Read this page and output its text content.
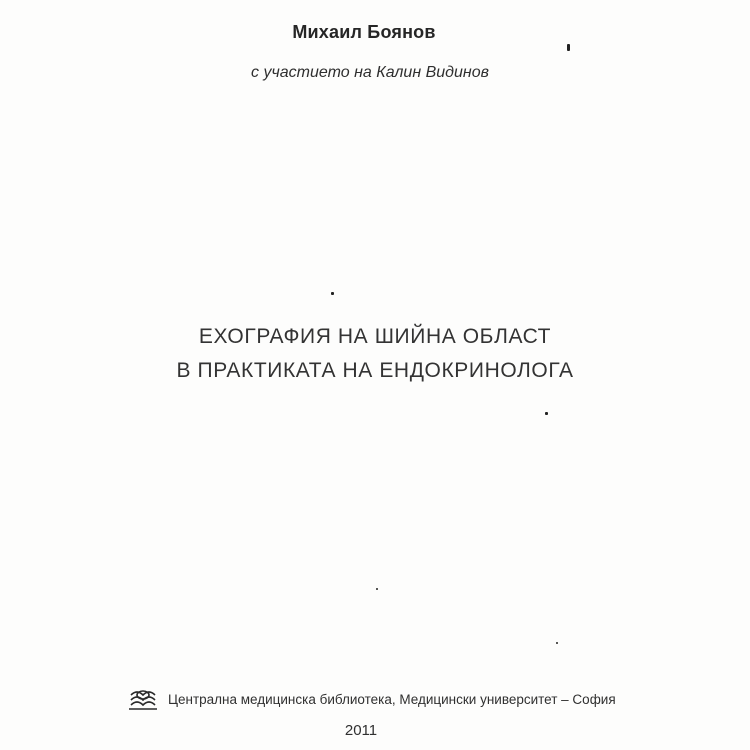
Михаил Боянов
с участието на Калин Видинов
ЕХОГРАФИЯ НА ШИЙНА ОБЛАСТ
В ПРАКТИКАТА НА ЕНДОКРИНОЛОГА
Централна медицинска библиотека, Медицински университет – София
2011
